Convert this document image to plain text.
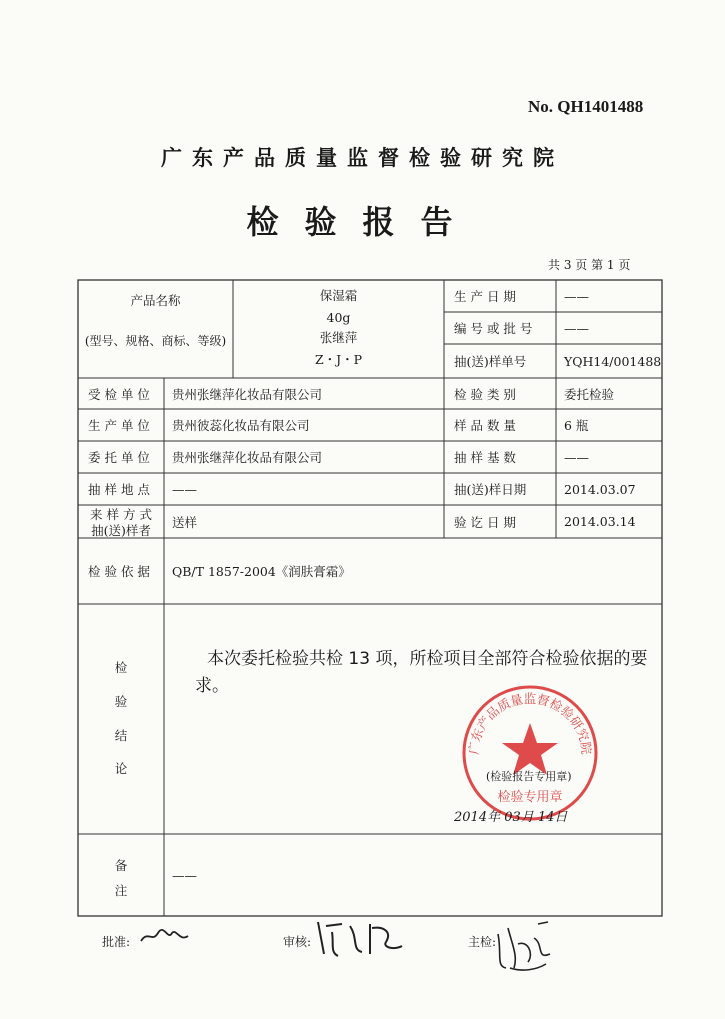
No. QH1401488
广东产品质量监督检验研究院
检验报告
共 3 页 第 1 页
产品名称
(型号、规格、商标、等级)
保湿霜
40g
张继萍
Z・J・P
生 产 日 期	——
编 号 或 批 号	——
抽(送)样单号	YQH14/001488
受 检 单 位	贵州张继萍化妆品有限公司	检 验 类 别	委托检验
生 产 单 位	贵州彼蕊化妆品有限公司	样 品 数 量	6 瓶
委 托 单 位	贵州张继萍化妆品有限公司	抽 样 基 数	——
抽 样 地 点	——	抽(送)样日期	2014.03.07
来 样 方 式
抽(送)样者
送样	验 讫 日 期	2014.03.14
检 验 依 据	QB/T 1857-2004《润肤膏霜》
检
验
结
论
本次委托检验共检 13 项，所检项目全部符合检验依据的要求。
广东产品质量监督检验研究院
检验专用章
(检验报告专用章)
2014年 03月 14日
备
注
——
批准:	审核:	主检:
